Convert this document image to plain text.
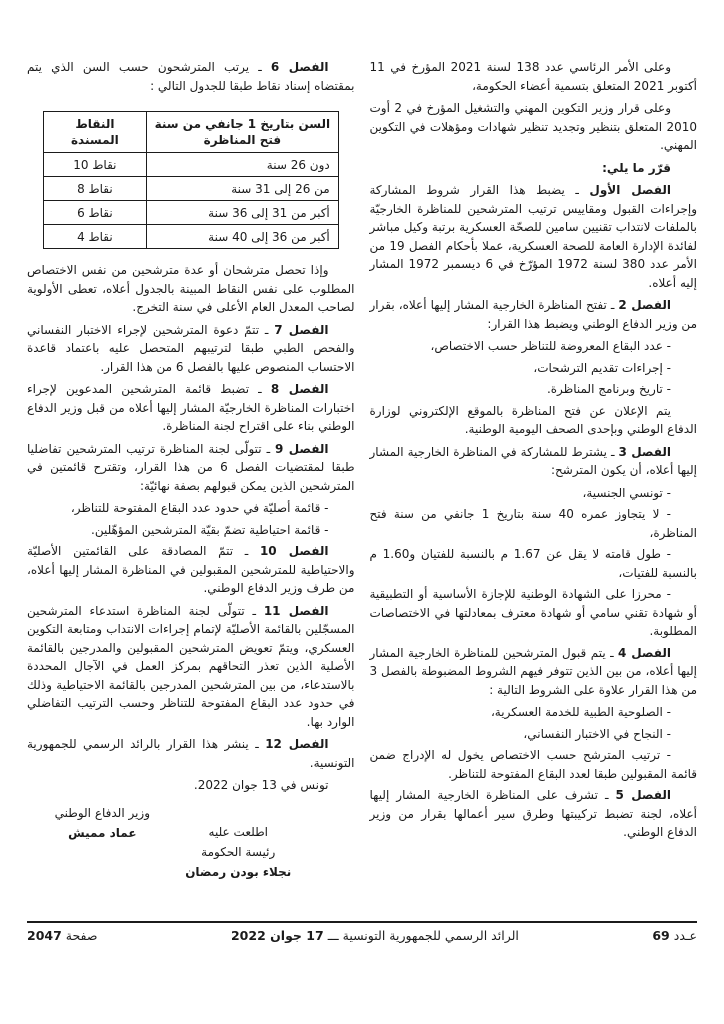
وعلى الأمر الرئاسي عدد 138 لسنة 2021 المؤرخ في 11 أكتوبر 2021 المتعلق بتسمية أعضاء الحكومة،

وعلى قرار وزير التكوين المهني والتشغيل المؤرخ في 2 أوت 2010 المتعلق بتنظير وتجديد تنظير شهادات ومؤهلات في التكوين المهني.

قرّر ما يلي:

الفصل الأول ـ يضبط هذا القرار شروط المشاركة وإجراءات القبول ومقاييس ترتيب المترشحين للمناظرة الخارجيّة بالملفات لانتداب تقنيين سامين للصحّة العسكرية برتبة وكيل مباشر لفائدة الإدارة العامة للصحة العسكرية، عملا بأحكام الفصل 19 من الأمر عدد 380 لسنة 1972 المؤرّخ في 6 ديسمبر 1972 المشار إليه أعلاه.

الفصل 2 ـ تفتح المناظرة الخارجية المشار إليها أعلاه، بقرار من وزير الدفاع الوطني ويضبط هذا القرار:

- عدد البقاع المعروضة للتناظر حسب الاختصاص،

- إجراءات تقديم الترشحات،

- تاريخ وبرنامج المناظرة.

يتم الإعلان عن فتح المناظرة بالموقع الإلكتروني لوزارة الدفاع الوطني وبإحدى الصحف اليومية الوطنية.

الفصل 3 ـ يشترط للمشاركة في المناظرة الخارجية المشار إليها أعلاه، أن يكون المترشح:

- تونسي الجنسية،

- لا يتجاوز عمره 40 سنة بتاريخ 1 جانفي من سنة فتح المناظرة،

- طول قامته لا يقل عن 1.67 م بالنسبة للفتيان و1.60 م بالنسبة للفتيات،

- محرزا على الشهادة الوطنية للإجازة الأساسية أو التطبيقية أو شهادة تقني سامي أو شهادة معترف بمعادلتها في الاختصاصات المطلوبة.

الفصل 4 ـ يتم قبول المترشحين للمناظرة الخارجية المشار إليها أعلاه، من بين الذين تتوفر فيهم الشروط المضبوطة بالفصل 3 من هذا القرار علاوة على الشروط التالية :

- الصلوحية الطبية للخدمة العسكرية،

- النجاح في الاختبار النفساني،

- ترتيب المترشح حسب الاختصاص يخول له الإدراج ضمن قائمة المقبولين طبقا لعدد البقاع المفتوحة للتناظر.

الفصل 5 ـ تشرف على المناظرة الخارجية المشار إليها أعلاه، لجنة تضبط تركيبتها وطرق سير أعمالها بقرار من وزير الدفاع الوطني.

الفصل 6 ـ يرتب المترشحون حسب السن الذي يتم بمقتضاه إسناد نقاط طبقا للجدول التالي :

السن بتاريخ 1 جانفي من سنة فتح المناظرة	النقاط المسندة
دون 26 سنة	10 نقاط
من 26 إلى 31 سنة	8 نقاط
أكبر من 31 إلى 36 سنة	6 نقاط
أكبر من 36 إلى 40 سنة	4 نقاط

وإذا تحصل مترشحان أو عدة مترشحين من نفس الاختصاص المطلوب على نفس النقاط المبينة بالجدول أعلاه، تعطى الأولوية لصاحب المعدل العام الأعلى في سنة التخرج.

الفصل 7 ـ تتمّ دعوة المترشحين لإجراء الاختبار النفساني والفحص الطبي طبقا لترتيبهم المتحصل عليه باعتماد قاعدة الاحتساب المنصوص عليها بالفصل 6 من هذا القرار.

الفصل 8 ـ تضبط قائمة المترشحين المدعوين لإجراء اختبارات المناظرة الخارجيّة المشار إليها أعلاه من قبل وزير الدفاع الوطني بناء على اقتراح لجنة المناظرة.

الفصل 9 ـ تتولّى لجنة المناظرة ترتيب المترشحين تفاضليا طبقا لمقتضيات الفصل 6 من هذا القرار، وتقترح قائمتين في المترشحين الذين يمكن قبولهم بصفة نهائيّة:

- قائمة أصليّة في حدود عدد البقاع المفتوحة للتناظر،

- قائمة احتياطية تضمّ بقيّة المترشحين المؤهّلين.

الفصل 10 ـ تتمّ المصادقة على القائمتين الأصليّة والاحتياطية للمترشحين المقبولين في المناظرة المشار إليها أعلاه، من طرف وزير الدفاع الوطني.

الفصل 11 ـ تتولّى لجنة المناظرة استدعاء المترشحين المسجّلين بالقائمة الأصليّة لإتمام إجراءات الانتداب ومتابعة التكوين العسكري، ويتمّ تعويض المترشحين المقبولين والمدرجين بالقائمة الأصلية الذين تعذر التحاقهم بمركز العمل في الآجال المحددة بالاستدعاء، من بين المترشحين المدرجين بالقائمة الاحتياطية وذلك في حدود عدد البقاع المفتوحة للتناظر وحسب الترتيب التفاضلي الوارد بها.

الفصل 12 ـ ينشر هذا القرار بالرائد الرسمي للجمهورية التونسية.

تونس في 13 جوان 2022.

اطلعت عليه
رئيسة الحكومة
نجلاء بودن رمضان
وزير الدفاع الوطني
عماد مميش
عـدد 69
الرائد الرسمي للجمهورية التونسية ـــ 17 جوان 2022
صفحة 2047
